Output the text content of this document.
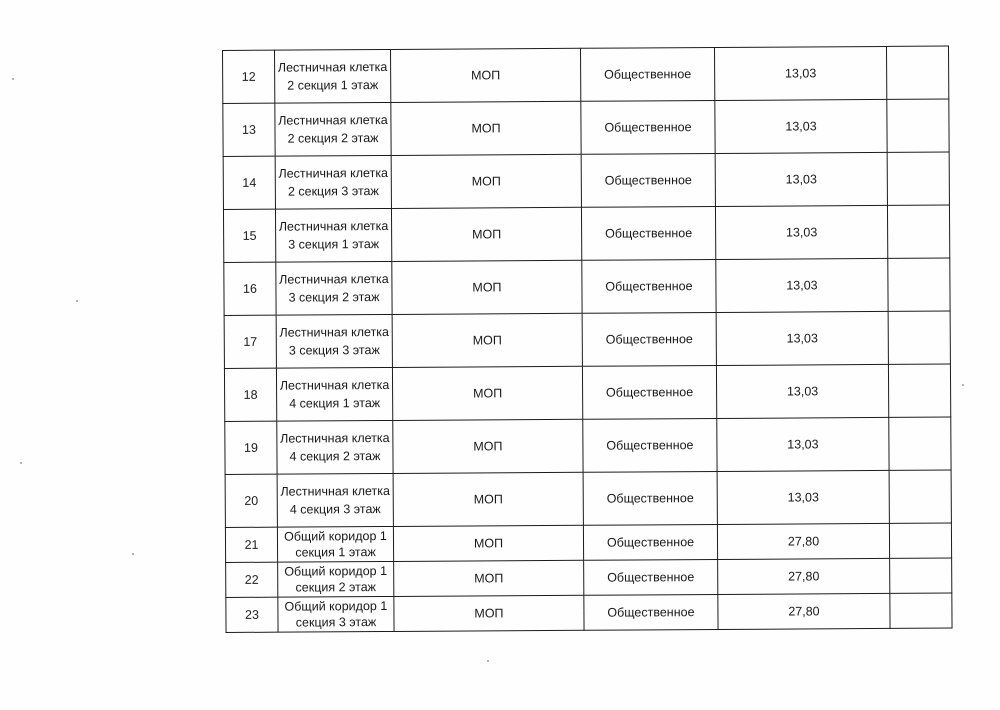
12	Лестничная клетка
2 секция 1 этаж	МОП	Общественное	13,03	
13	Лестничная клетка
2 секция 2 этаж	МОП	Общественное	13,03	
14	Лестничная клетка
2 секция 3 этаж	МОП	Общественное	13,03	
15	Лестничная клетка
3 секция 1 этаж	МОП	Общественное	13,03	
16	Лестничная клетка
3 секция 2 этаж	МОП	Общественное	13,03	
17	Лестничная клетка
3 секция 3 этаж	МОП	Общественное	13,03	
18	Лестничная клетка
4 секция 1 этаж	МОП	Общественное	13,03	
19	Лестничная клетка
4 секция 2 этаж	МОП	Общественное	13,03	
20	Лестничная клетка
4 секция 3 этаж	МОП	Общественное	13,03	
21	Общий коридор 1
секция 1 этаж	МОП	Общественное	27,80	
22	Общий коридор 1
секция 2 этаж	МОП	Общественное	27,80	
23	Общий коридор 1
секция 3 этаж	МОП	Общественное	27,80	
